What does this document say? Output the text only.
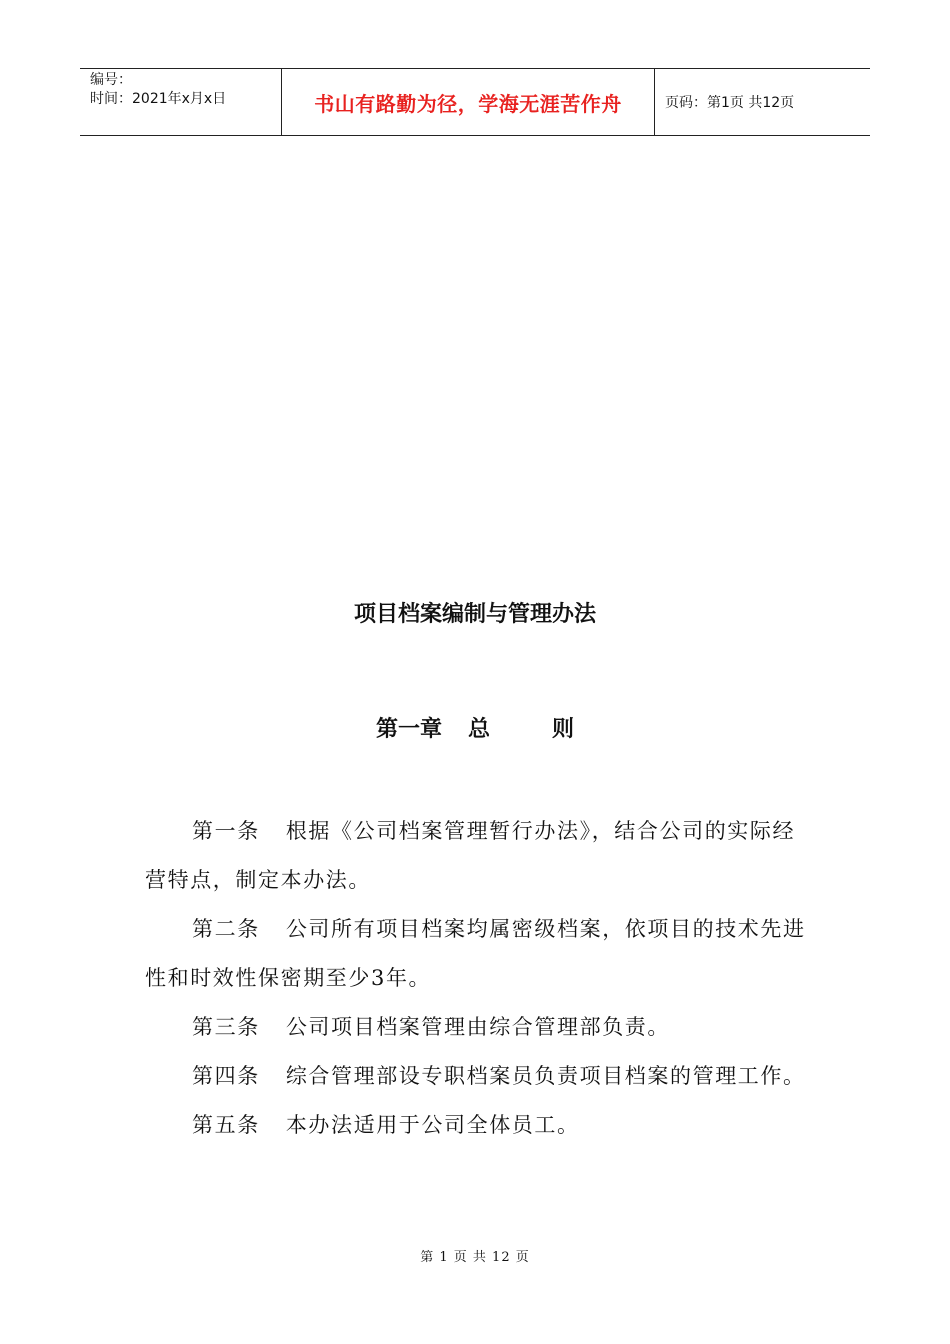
编号：
时间：2021年x月x日	书山有路勤为径，学海无涯苦作舟	页码：第1页 共12页
项目档案编制与管理办法
第一章 总	则

第一条 根据《公司档案管理暂行办法》，结合公司的实际经营特点，制定本办法。

第二条 公司所有项目档案均属密级档案，依项目的技术先进性和时效性保密期至少3年。

第三条 公司项目档案管理由综合管理部负责。

第四条 综合管理部设专职档案员负责项目档案的管理工作。

第五条 本办法适用于公司全体员工。

第 1 页 共 12 页
